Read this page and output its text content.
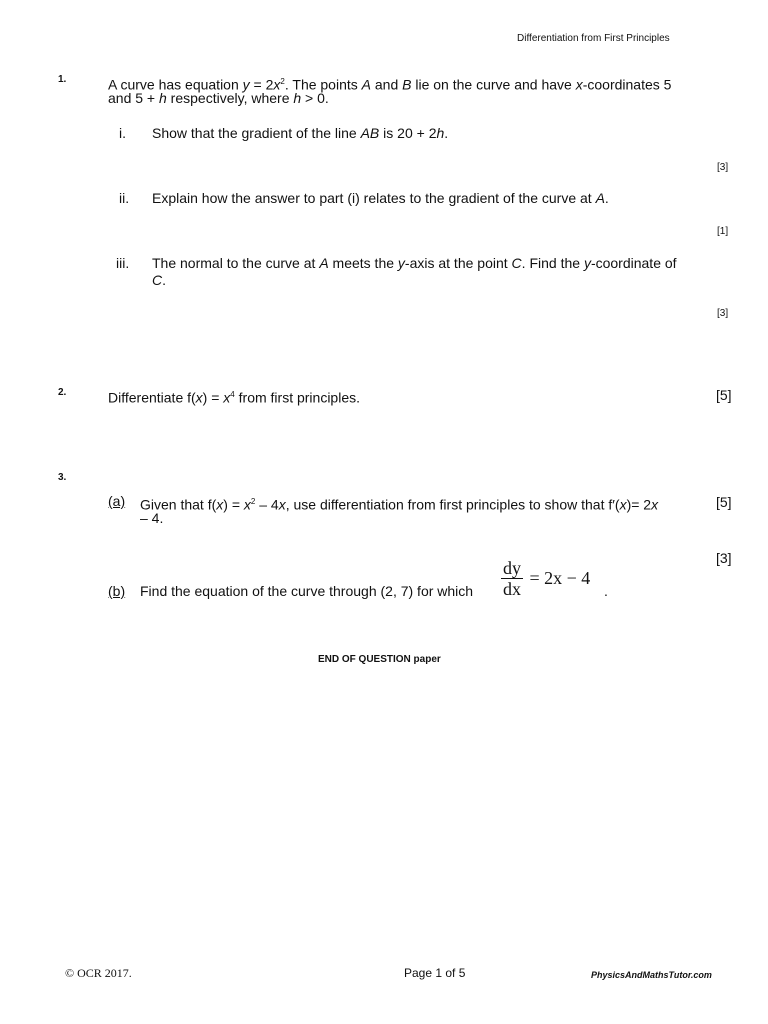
Differentiation from First Principles
1.	A curve has equation $y = 2x^2$. The points A and B lie on the curve and have x-coordinates 5
and 5 + h respectively, where h > 0.
i. Show that the gradient of the line AB is 20 + 2h.
[3]
ii. Explain how the answer to part (i) relates to the gradient of the curve at A.
[1]
iii. The normal to the curve at A meets the y-axis at the point C. Find the y-coordinate of
C.
[3]
2.	Differentiate $f(x) = x^4$ from first principles.	[5]
3.
(a) Given that $f(x) = x^2 - 4x$, use differentiation from first principles to show that f′(x)= 2x
– 4.
[5]
[3]
(b) Find the equation of the curve through (2, 7) for which $\frac{dy}{dx} = 2x - 4$
.
END OF QUESTION paper
© OCR 2017.	Page 1 of 5	PhysicsAndMathsTutor.com
